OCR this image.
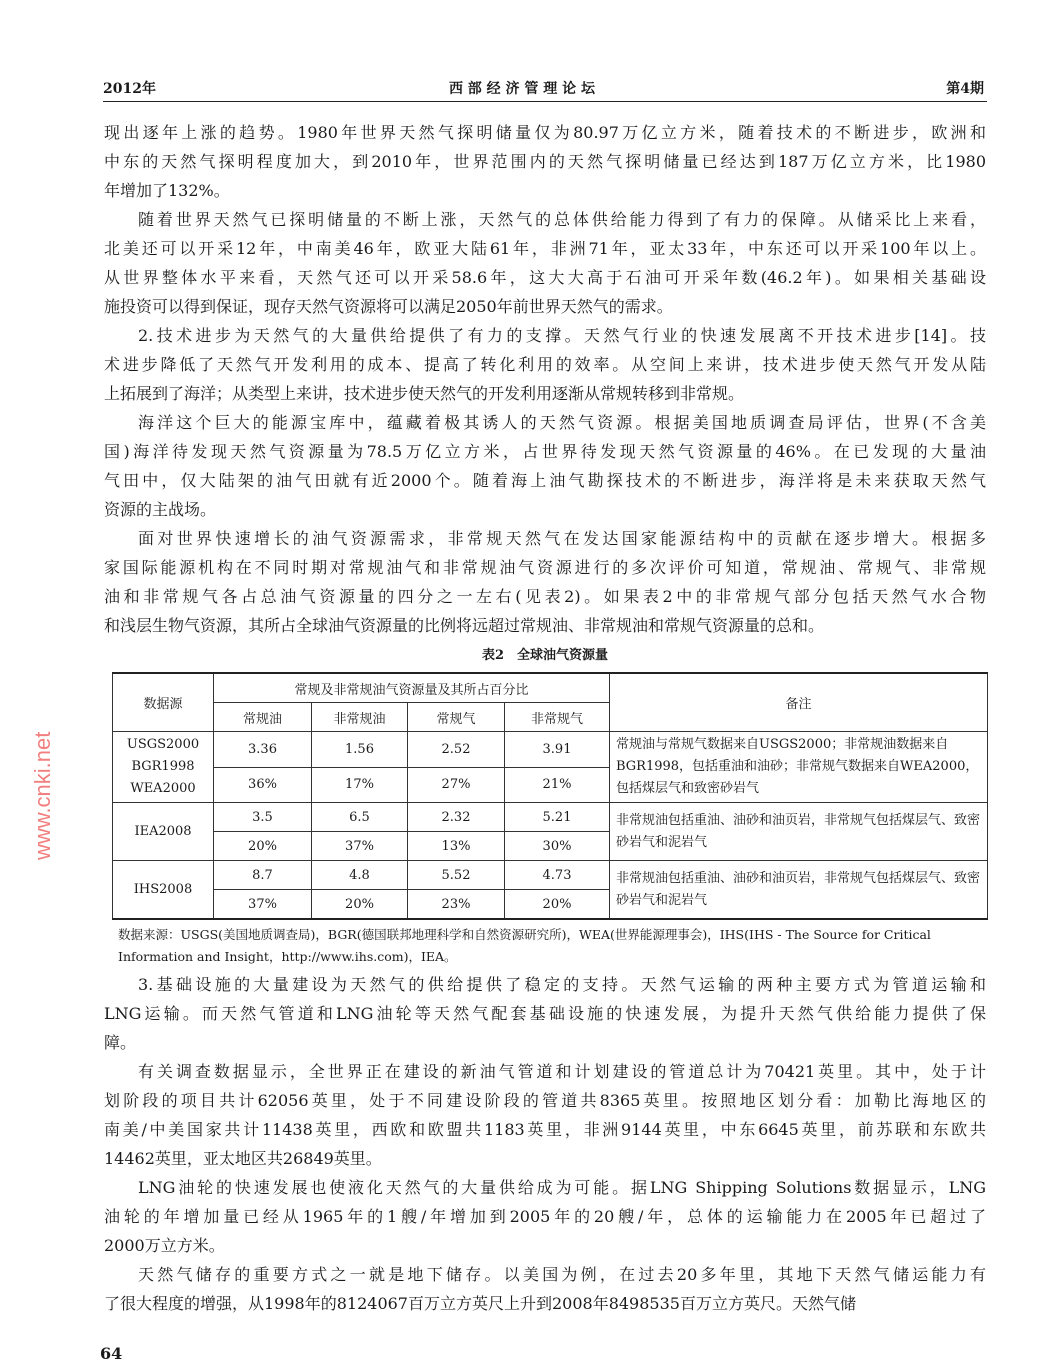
2012年	西 部 经 济 管 理 论 坛	第4期
现出逐年上涨的趋势。1980年世界天然气探明储量仅为80.97万亿立方米，随着技术的不断进步，欧洲和
中东的天然气探明程度加大，到2010年，世界范围内的天然气探明储量已经达到187万亿立方米，比1980
年增加了132%。
随着世界天然气已探明储量的不断上涨，天然气的总体供给能力得到了有力的保障。从储采比上来看，
北美还可以开采12年，中南美46年，欧亚大陆61年，非洲71年，亚太33年，中东还可以开采100年以上。
从世界整体水平来看，天然气还可以开采58.6年，这大大高于石油可开采年数(46.2年)。如果相关基础设
施投资可以得到保证，现存天然气资源将可以满足2050年前世界天然气的需求。
2.技术进步为天然气的大量供给提供了有力的支撑。天然气行业的快速发展离不开技术进步[14]。技
术进步降低了天然气开发利用的成本、提高了转化利用的效率。从空间上来讲，技术进步使天然气开发从陆
上拓展到了海洋；从类型上来讲，技术进步使天然气的开发利用逐渐从常规转移到非常规。
海洋这个巨大的能源宝库中，蕴藏着极其诱人的天然气资源。根据美国地质调查局评估，世界(不含美
国)海洋待发现天然气资源量为78.5万亿立方米，占世界待发现天然气资源量的46%。在已发现的大量油
气田中，仅大陆架的油气田就有近2000个。随着海上油气勘探技术的不断进步，海洋将是未来获取天然气
资源的主战场。
面对世界快速增长的油气资源需求，非常规天然气在发达国家能源结构中的贡献在逐步增大。根据多
家国际能源机构在不同时期对常规油气和非常规油气资源进行的多次评价可知道，常规油、常规气、非常规
油和非常规气各占总油气资源量的四分之一左右(见表2)。如果表2中的非常规气部分包括天然气水合物
和浅层生物气资源，其所占全球油气资源量的比例将远超过常规油、非常规油和常规气资源量的总和。
表2　全球油气资源量
数据源	常规及非常规油气资源量及其所占百分比				备注
	常规油	非常规油	常规气	非常规气	

USGS2000
BGR1998
WEA2000	3.36	1.56	2.52	3.91	常规油与常规气数据来自USGS2000；非常规油数据来自BGR1998，包括重油和油砂；非常规气数据来自WEA2000，包括煤层气和致密砂岩气
	36%	17%	27%	21%	

IEA2008	3.5	6.5	2.32	5.21	非常规油包括重油、油砂和油页岩，非常规气包括煤层气、致密砂岩气和泥岩气
	20%	37%	13%	30%	

IHS2008	8.7	4.8	5.52	4.73	非常规油包括重油、油砂和油页岩，非常规气包括煤层气、致密砂岩气和泥岩气
	37%	20%	23%	20%	
数据来源：USGS(美国地质调查局)，BGR(德国联邦地理科学和自然资源研究所)，WEA(世界能源理事会)，IHS(IHS - The Source for Critical Information and Insight，http://www.ihs.com)，IEA。
3.基础设施的大量建设为天然气的供给提供了稳定的支持。天然气运输的两种主要方式为管道运输和
LNG运输。而天然气管道和LNG油轮等天然气配套基础设施的快速发展，为提升天然气供给能力提供了保
障。
有关调查数据显示，全世界正在建设的新油气管道和计划建设的管道总计为70421英里。其中，处于计
划阶段的项目共计62056英里，处于不同建设阶段的管道共8365英里。按照地区划分看：加勒比海地区的
南美/中美国家共计11438英里，西欧和欧盟共1183英里，非洲9144英里，中东6645英里，前苏联和东欧共
14462英里，亚太地区共26849英里。
LNG油轮的快速发展也使液化天然气的大量供给成为可能。据LNG Shipping Solutions数据显示，LNG
油轮的年增加量已经从1965年的1艘/年增加到2005年的20艘/年，总体的运输能力在2005年已超过了
2000万立方米。
天然气储存的重要方式之一就是地下储存。以美国为例，在过去20多年里，其地下天然气储运能力有
了很大程度的增强，从1998年的8124067百万立方英尺上升到2008年8498535百万立方英尺。天然气储
64
www.cnki.net
